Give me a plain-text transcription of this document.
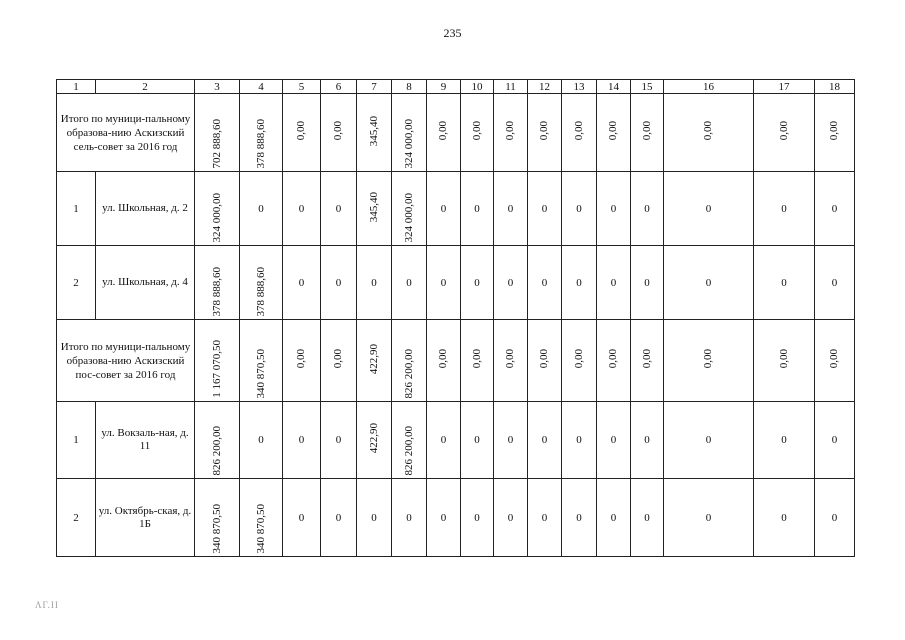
235
1	2	3	4	5	6	7	8	9	10	11	12	13	14	15	16	17	18
Итого по муници-пальному образова-нию Аскизский сель-совет за 2016 год		702 888,60	378 888,60	0,00	0,00	345,40	324 000,00	0,00	0,00	0,00	0,00	0,00	0,00	0,00	0,00	0,00	0,00
1	ул. Школьная, д. 2	324 000,00	0	0	0	345,40	324 000,00	0	0	0	0	0	0	0	0	0	0
2	ул. Школьная, д. 4	378 888,60	378 888,60	0	0	0	0	0	0	0	0	0	0	0	0	0	0
Итого по муници-пальному образова-нию Аскизский пос-совет за 2016 год		1 167 070,50	340 870,50	0,00	0,00	422,90	826 200,00	0,00	0,00	0,00	0,00	0,00	0,00	0,00	0,00	0,00	0,00
1	ул. Вокзаль-ная, д. 11	826 200,00	0	0	0	422,90	826 200,00	0	0	0	0	0	0	0	0	0	0
2	ул. Октябрь-ская, д. 1Б	340 870,50	340 870,50	0	0	0	0	0	0	0	0	0	0	0	0	0	0
ΛΓ.ΙΙ
